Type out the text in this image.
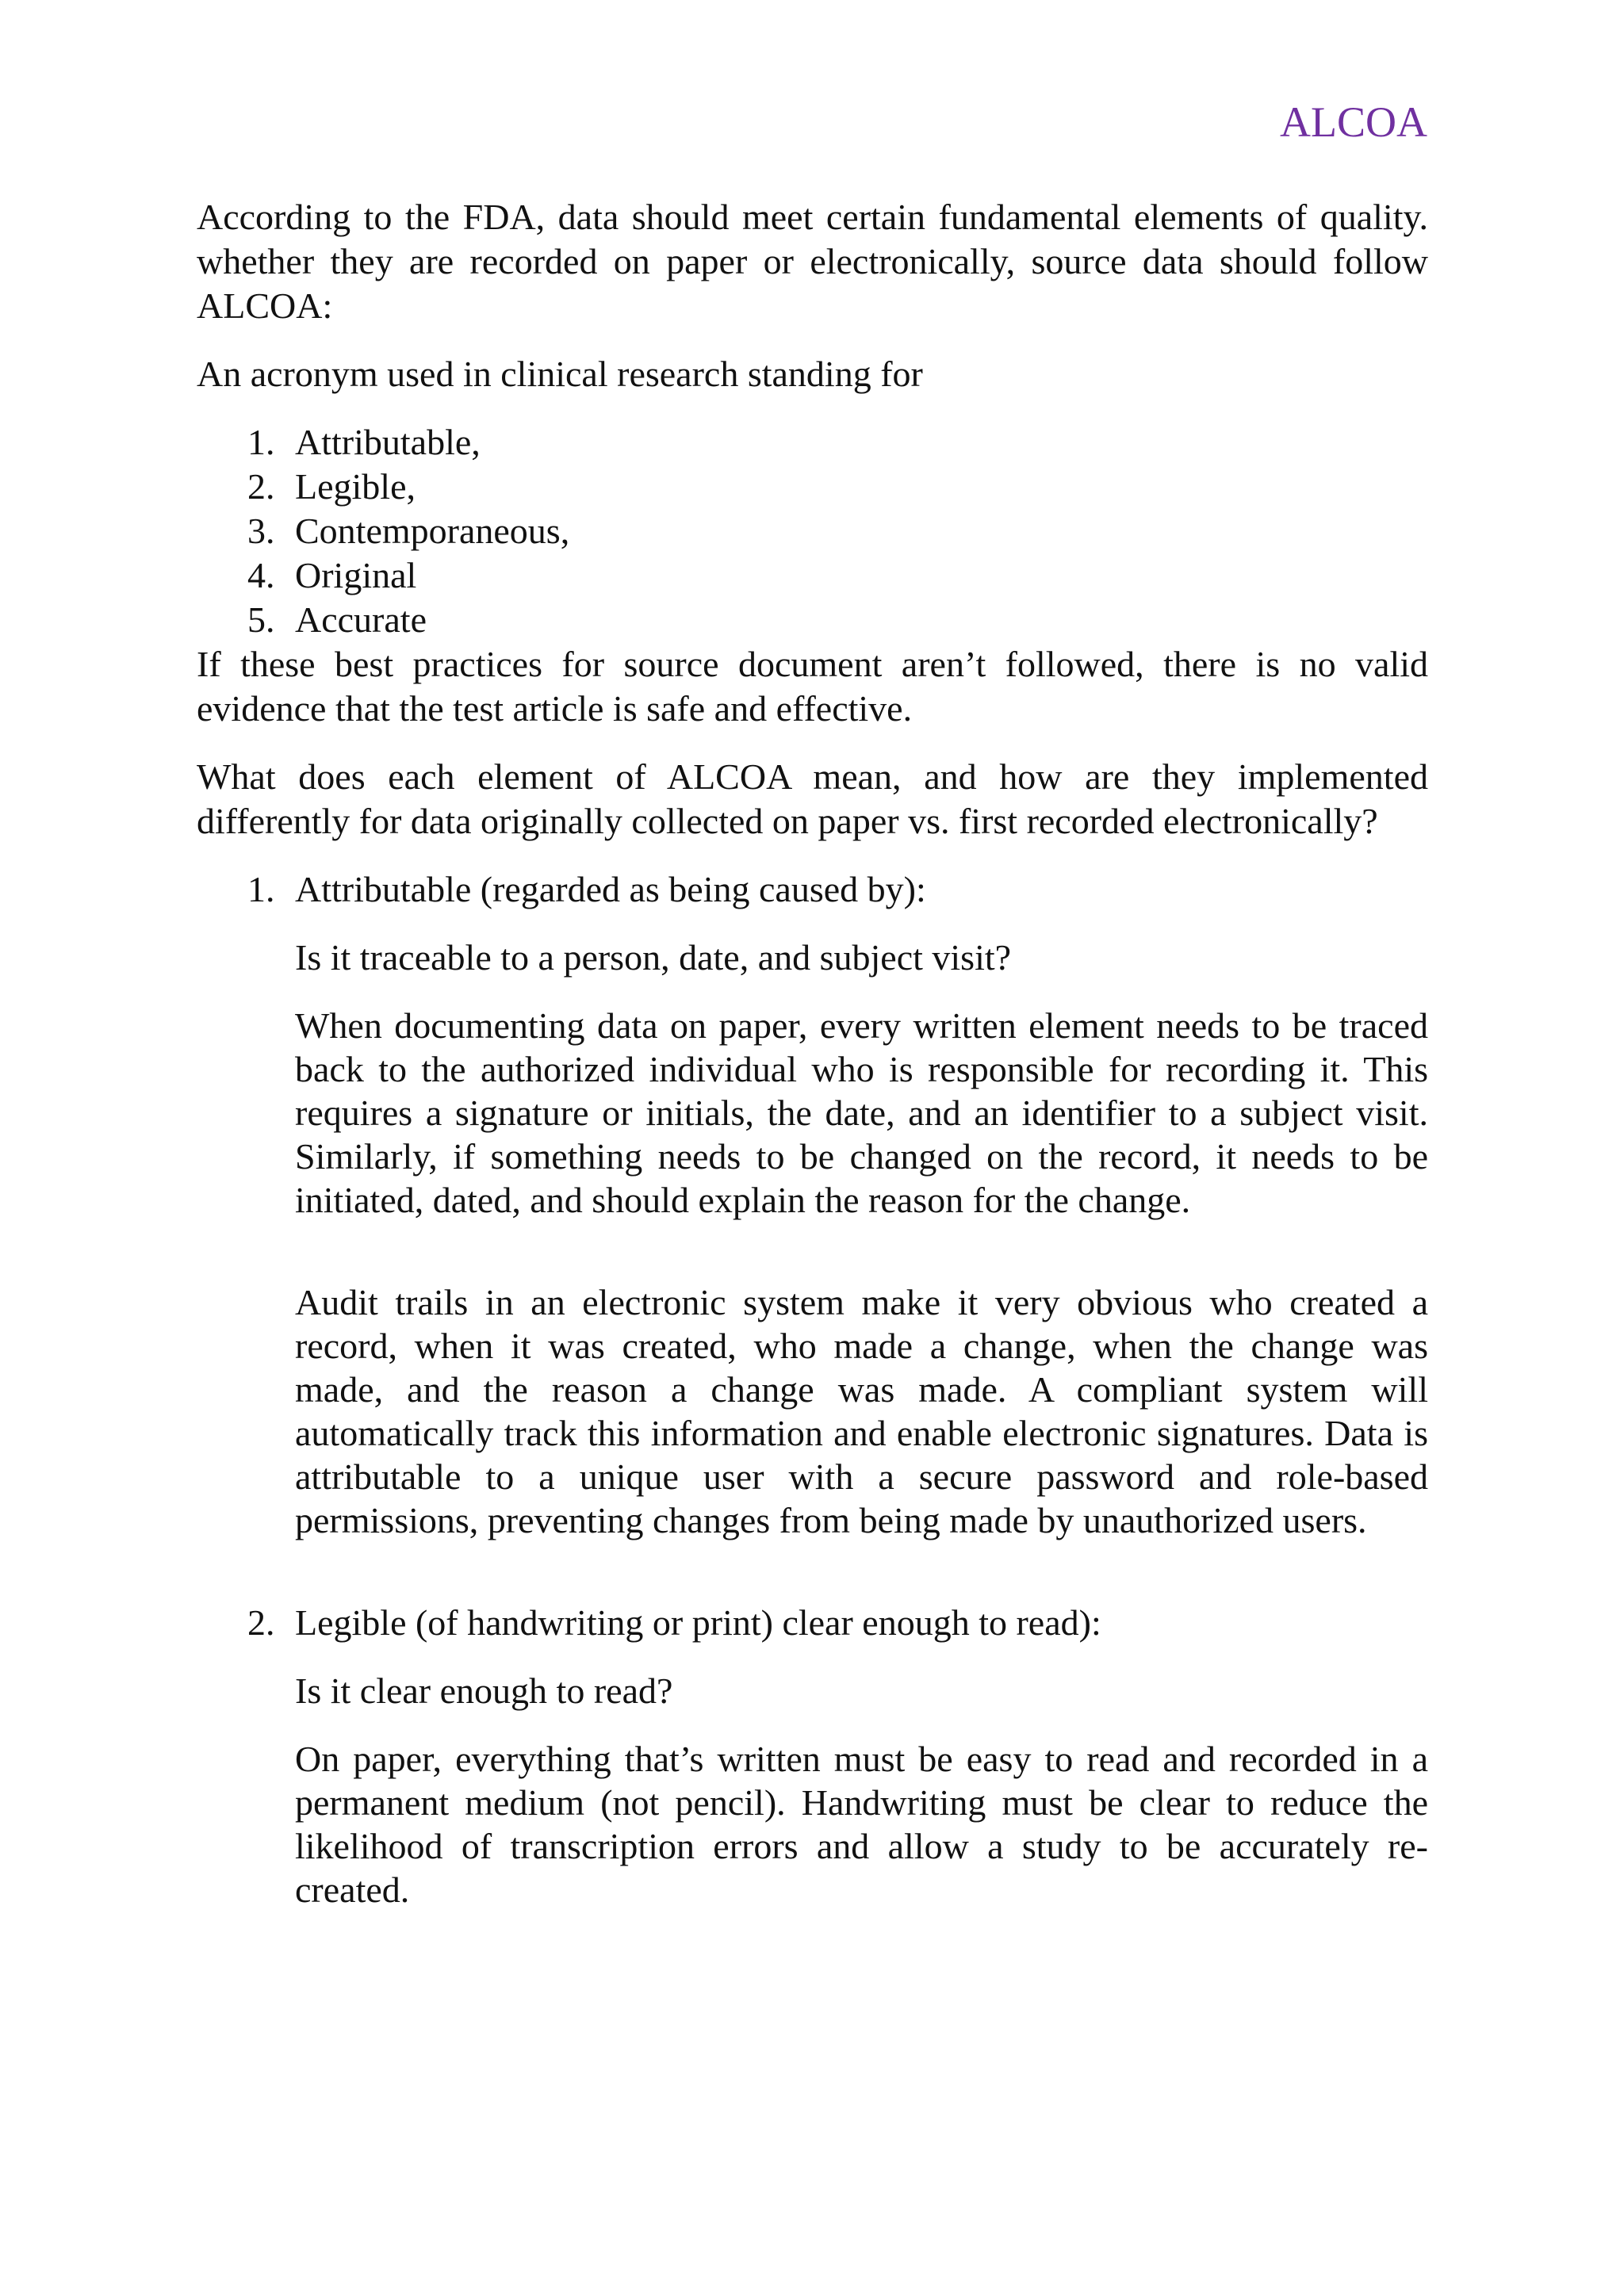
ALCOA

According to the FDA, data should meet certain fundamental elements of quality. whether they are recorded on paper or electronically, source data should follow ALCOA:

An acronym used in clinical research standing for

1. Attributable,
2. Legible,
3. Contemporaneous,
4. Original
5. Accurate

If these best practices for source document aren’t followed, there is no valid evidence that the test article is safe and effective.

What does each element of ALCOA mean, and how are they implemented differently for data originally collected on paper vs. first recorded electronically?

1. Attributable (regarded as being caused by):

Is it traceable to a person, date, and subject visit?

When documenting data on paper, every written element needs to be traced back to the authorized individual who is responsible for recording it. This requires a signature or initials, the date, and an identifier to a subject visit. Similarly, if something needs to be changed on the record, it needs to be initiated, dated, and should explain the reason for the change.

Audit trails in an electronic system make it very obvious who created a record, when it was created, who made a change, when the change was made, and the reason a change was made. A compliant system will automatically track this information and enable electronic signatures. Data is attributable to a unique user with a secure password and role-based permissions, preventing changes from being made by unauthorized users.

2. Legible (of handwriting or print) clear enough to read):

Is it clear enough to read?

On paper, everything that’s written must be easy to read and recorded in a permanent medium (not pencil). Handwriting must be clear to reduce the likelihood of transcription errors and allow a study to be accurately re-created.
